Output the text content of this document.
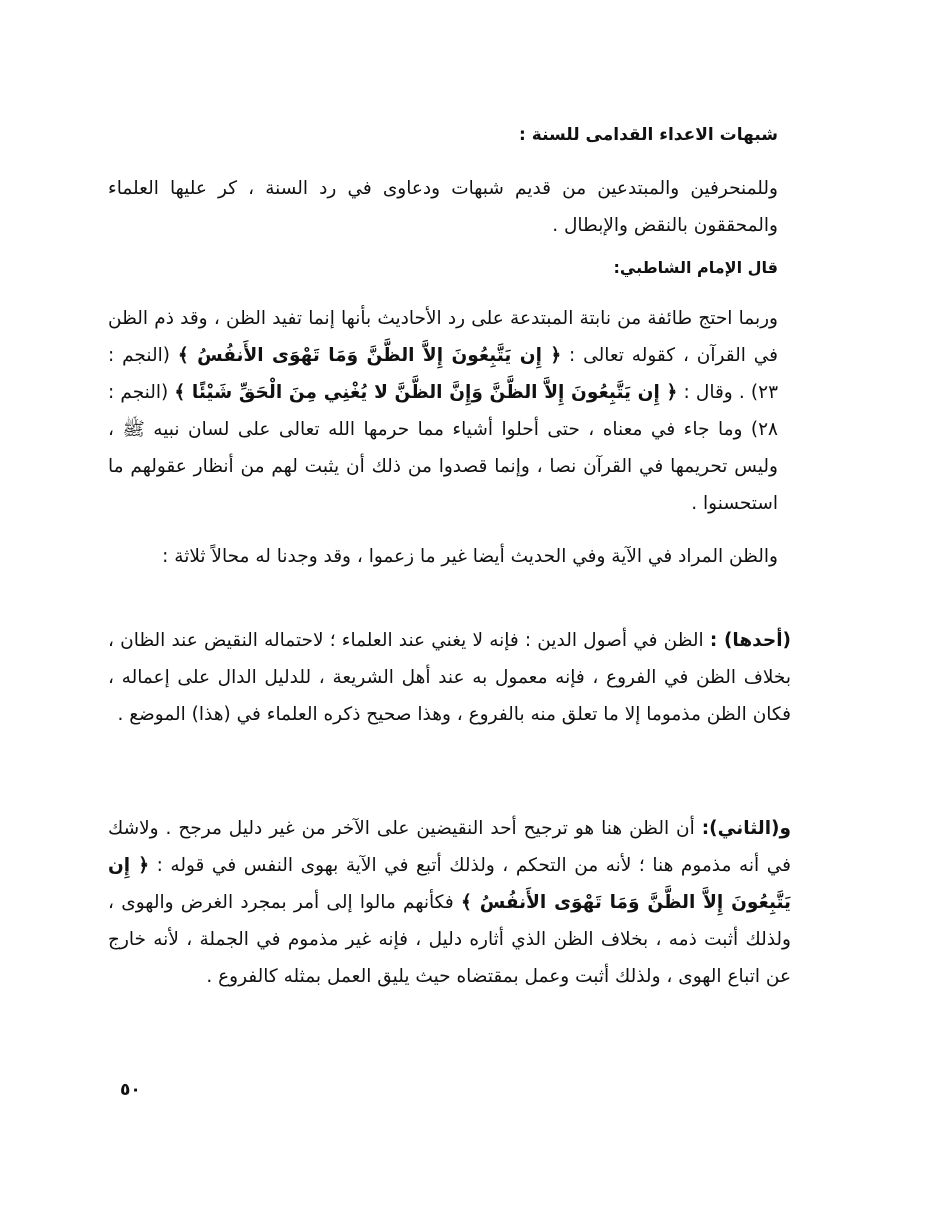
شبهات الاعداء القدامى للسنة :
وللمنحرفين والمبتدعين من قديم شبهات ودعاوى في رد السنة ، كر عليها العلماء والمحققون بالنقض والإبطال .
قال الإمام الشاطبي:
وربما احتج طائفة من نابتة المبتدعة على رد الأحاديث بأنها إنما تفيد الظن ، وقد ذم الظن في القرآن ، كقوله تعالى : ﴿ إِن يَتَّبِعُونَ إِلاَّ الظَّنَّ وَمَا تَهْوَى الأَنفُسُ ﴾ (النجم : ٢٣) . وقال : ﴿ إِن يَتَّبِعُونَ إِلاَّ الظَّنَّ وَإِنَّ الظَّنَّ لا يُغْنِي مِنَ الْحَقِّ شَيْئًا ﴾ (النجم : ٢٨) وما جاء في معناه ، حتى أحلوا أشياء مما حرمها الله تعالى على لسان نبيه ﷺ ، وليس تحريمها في القرآن نصا ، وإنما قصدوا من ذلك أن يثبت لهم من أنظار عقولهم ما استحسنوا .
والظن المراد في الآية وفي الحديث أيضا غير ما زعموا ، وقد وجدنا له محالاً ثلاثة :
(أحدها) : الظن في أصول الدين : فإنه لا يغني عند العلماء ؛ لاحتماله النقيض عند الظان ، بخلاف الظن في الفروع ، فإنه معمول به عند أهل الشريعة ، للدليل الدال على إعماله ، فكان الظن مذموما إلا ما تعلق منه بالفروع ، وهذا صحيح ذكره العلماء في (هذا) الموضع .
و(الثاني): أن الظن هنا هو ترجيح أحد النقيضين على الآخر من غير دليل مرجح . ولاشك في أنه مذموم هنا ؛ لأنه من التحكم ، ولذلك أتبع في الآية بهوى النفس في قوله : ﴿ إِن يَتَّبِعُونَ إِلاَّ الظَّنَّ وَمَا تَهْوَى الأَنفُسُ ﴾ فكأنهم مالوا إلى أمر بمجرد الغرض والهوى ، ولذلك أثبت ذمه ، بخلاف الظن الذي أثاره دليل ، فإنه غير مذموم في الجملة ، لأنه خارج عن اتباع الهوى ، ولذلك أثبت وعمل بمقتضاه حيث يليق العمل بمثله كالفروع .
٥٠
